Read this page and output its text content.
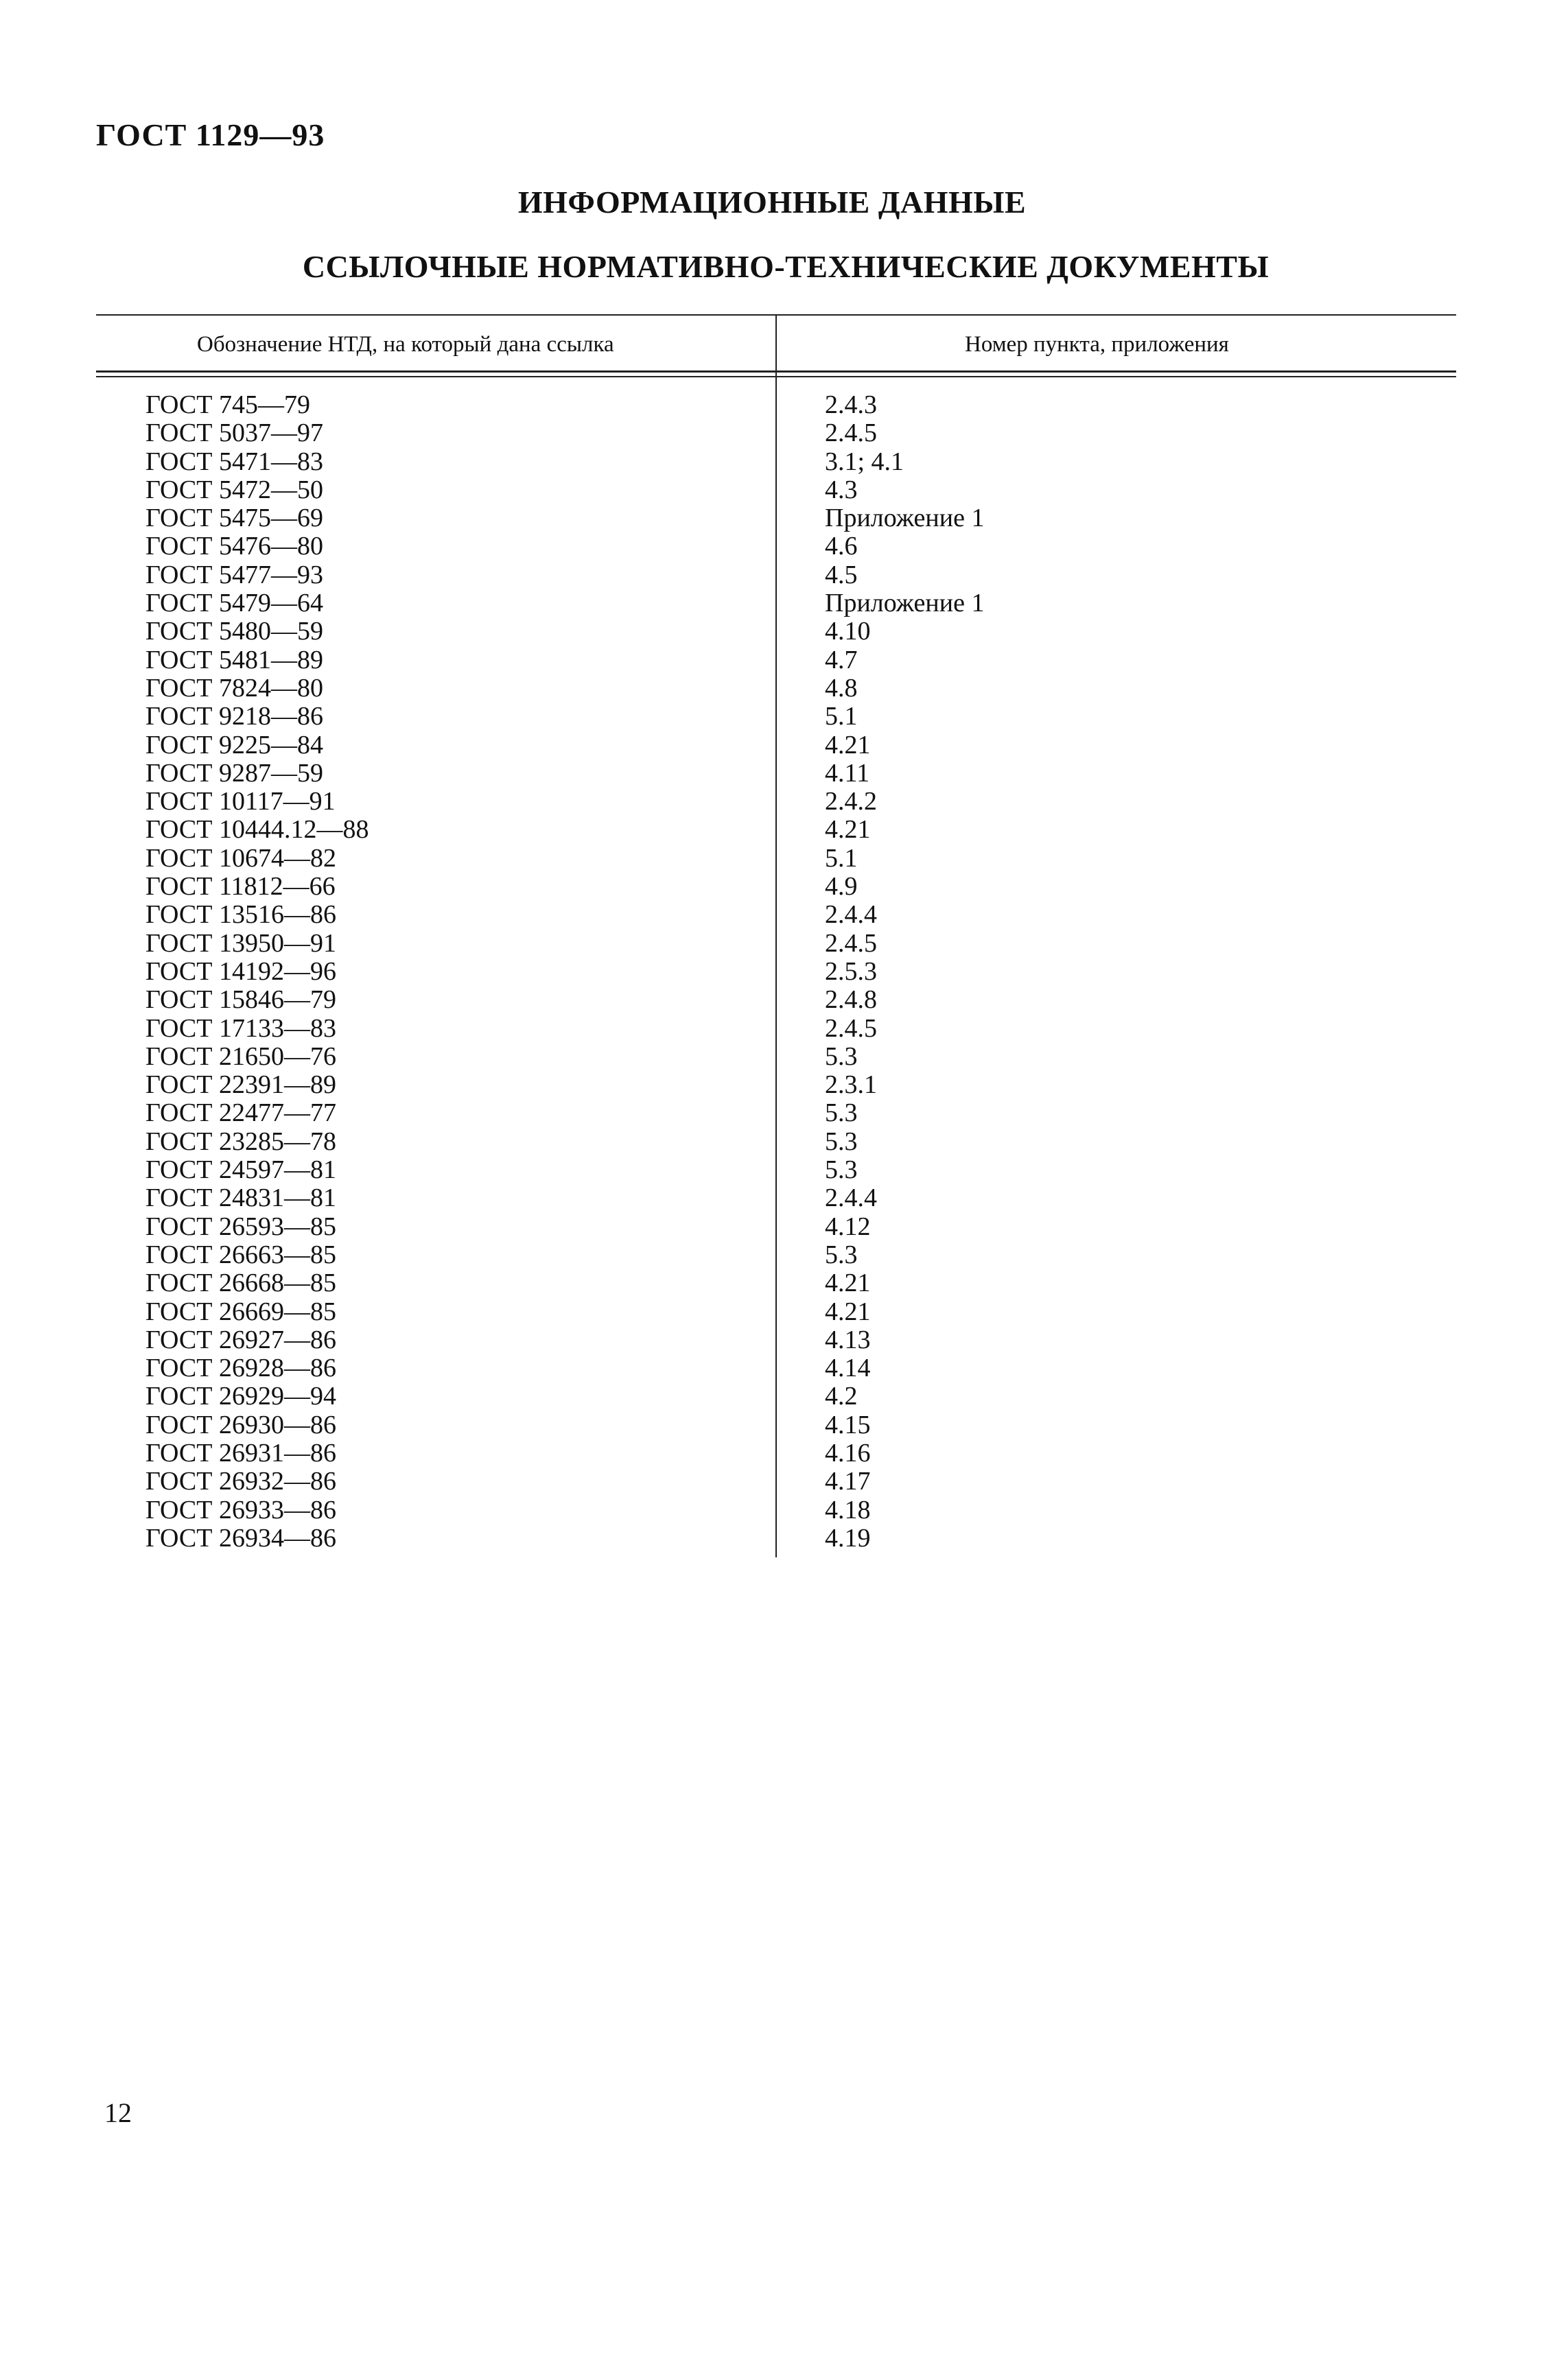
ГОСТ 1129—93
ИНФОРМАЦИОННЫЕ ДАННЫЕ
ССЫЛОЧНЫЕ НОРМАТИВНО-ТЕХНИЧЕСКИЕ ДОКУМЕНТЫ
Обозначение НТД, на который дана ссылка	Номер пункта, приложения
ГОСТ 745—79
ГОСТ 5037—97
ГОСТ 5471—83
ГОСТ 5472—50
ГОСТ 5475—69
ГОСТ 5476—80
ГОСТ 5477—93
ГОСТ 5479—64
ГОСТ 5480—59
ГОСТ 5481—89
ГОСТ 7824—80
ГОСТ 9218—86
ГОСТ 9225—84
ГОСТ 9287—59
ГОСТ 10117—91
ГОСТ 10444.12—88
ГОСТ 10674—82
ГОСТ 11812—66
ГОСТ 13516—86
ГОСТ 13950—91
ГОСТ 14192—96
ГОСТ 15846—79
ГОСТ 17133—83
ГОСТ 21650—76
ГОСТ 22391—89
ГОСТ 22477—77
ГОСТ 23285—78
ГОСТ 24597—81
ГОСТ 24831—81
ГОСТ 26593—85
ГОСТ 26663—85
ГОСТ 26668—85
ГОСТ 26669—85
ГОСТ 26927—86
ГОСТ 26928—86
ГОСТ 26929—94
ГОСТ 26930—86
ГОСТ 26931—86
ГОСТ 26932—86
ГОСТ 26933—86
ГОСТ 26934—86
2.4.3
2.4.5
3.1; 4.1
4.3
Приложение 1
4.6
4.5
Приложение 1
4.10
4.7
4.8
5.1
4.21
4.11
2.4.2
4.21
5.1
4.9
2.4.4
2.4.5
2.5.3
2.4.8
2.4.5
5.3
2.3.1
5.3
5.3
5.3
2.4.4
4.12
5.3
4.21
4.21
4.13
4.14
4.2
4.15
4.16
4.17
4.18
4.19
12
